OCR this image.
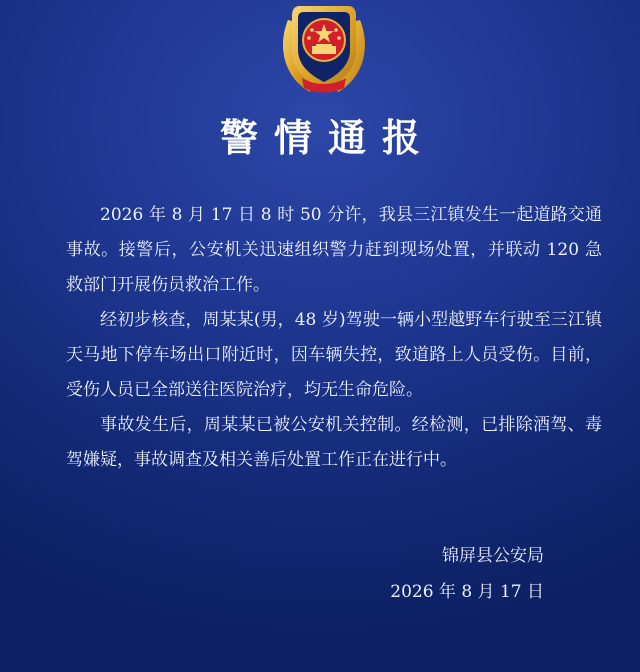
警情通报

2026 年 8 月 17 日 8 时 50 分许，我县三江镇发生一起道路交通事故。接警后，公安机关迅速组织警力赶到现场处置，并联动 120 急救部门开展伤员救治工作。

经初步核查，周某某(男，48 岁)驾驶一辆小型越野车行驶至三江镇天马地下停车场出口附近时，因车辆失控，致道路上人员受伤。目前，受伤人员已全部送往医院治疗，均无生命危险。

事故发生后，周某某已被公安机关控制。经检测，已排除酒驾、毒驾嫌疑，事故调查及相关善后处置工作正在进行中。

锦屏县公安局
2026 年 8 月 17 日
